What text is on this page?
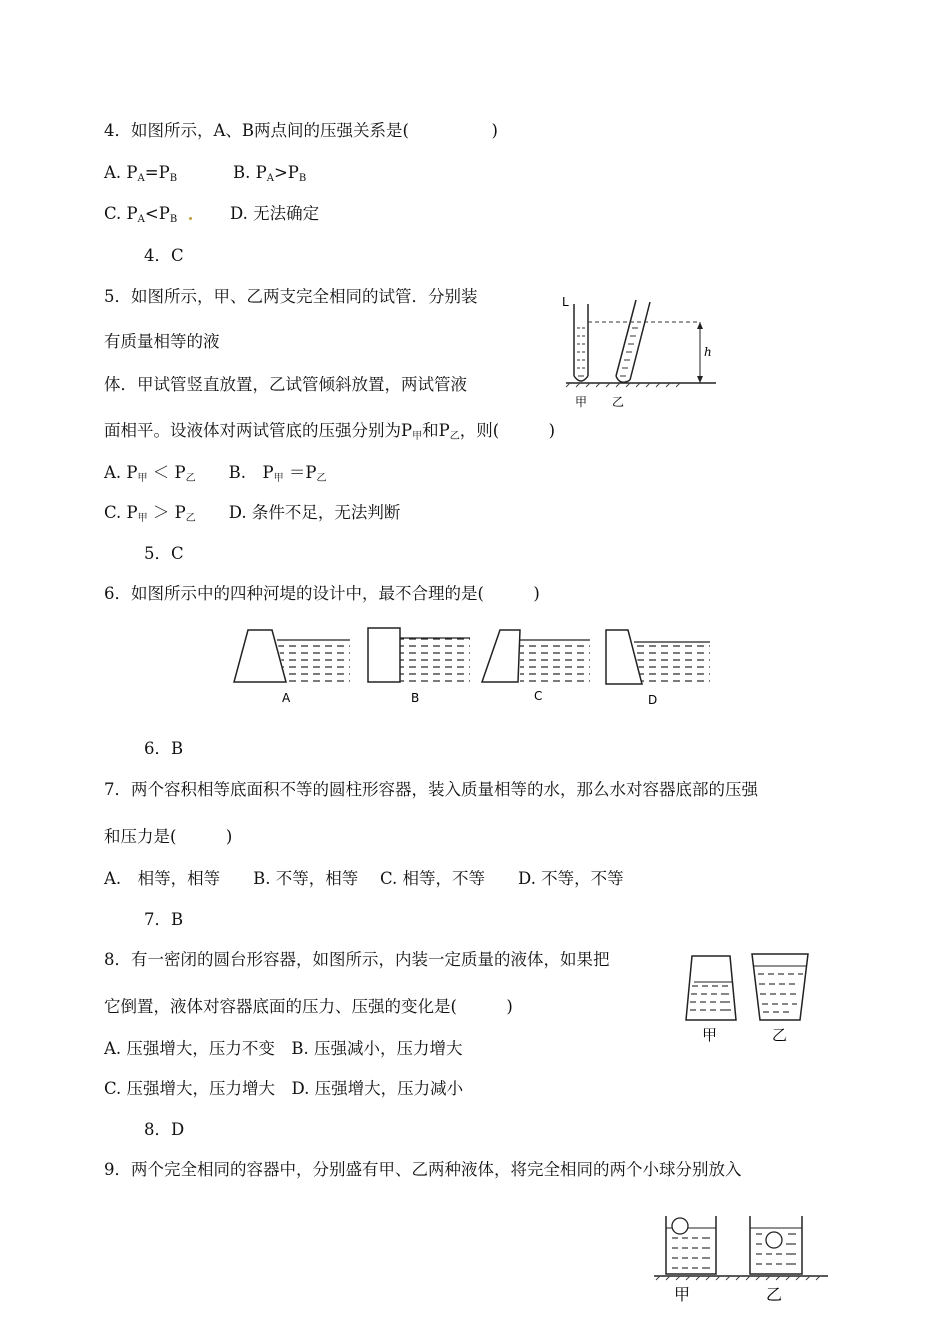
4．如图所示，A、B两点间的压强关系是(　　　　　)
A. $P_A=P_B$	B. $P_A>P_B$
C. $P_A<P_B$	D. 无法确定
4．C
5．如图所示，甲、乙两支完全相同的试管．分别装
有质量相等的液
体．甲试管竖直放置，乙试管倾斜放置，两试管液
面相平。设液体对两试管底的压强分别为$P_甲$和$P_乙$，则(　　　)
A. $P_甲 < P_乙$　　B.　$P_甲 =P_乙$
C. $P_甲 > P_乙$　　D. 条件不足，无法判断
5．C
L
h
甲 乙
6．如图所示中的四种河堤的设计中，最不合理的是(　　　)
A	B	C	D
6．B
7．两个容积相等底面积不等的圆柱形容器，装入质量相等的水，那么水对容器底部的压强
和压力是(　　　)
A.　相等，相等　　B. 不等，相等　 C. 相等，不等　　D. 不等，不等
7．B
8．有一密闭的圆台形容器，如图所示，内装一定质量的液体，如果把
它倒置，液体对容器底面的压力、压强的变化是(　　　)
A. 压强增大，压力不变　B. 压强减小，压力增大
C. 压强增大，压力增大　D. 压强增大，压力减小
8．D
甲	乙
9．两个完全相同的容器中，分别盛有甲、乙两种液体，将完全相同的两个小球分别放入
甲	乙
